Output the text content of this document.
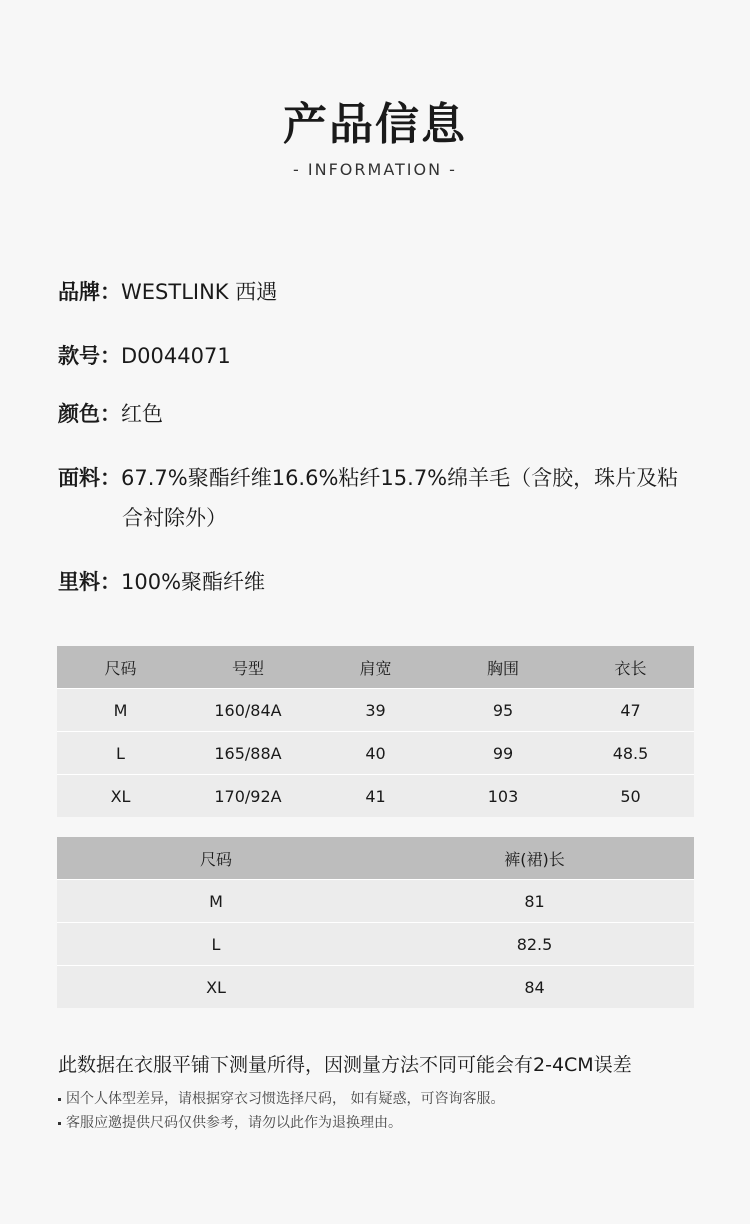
产品信息
- INFORMATION -
品牌：WESTLINK 西遇
款号：D0044071
颜色：红色
面料：67.7%聚酯纤维16.6%粘纤15.7%绵羊毛（含胶，珠片及粘
合衬除外）
里料：100%聚酯纤维
尺码	号型	肩宽	胸围	衣长
M	160/84A	39	95	47
L	165/88A	40	99	48.5
XL	170/92A	41	103	50
尺码	裤(裙)长
M	81
L	82.5
XL	84
此数据在衣服平铺下测量所得，因测量方法不同可能会有2-4CM误差
因个人体型差异，请根据穿衣习惯选择尺码， 如有疑惑，可咨询客服。
客服应邀提供尺码仅供参考，请勿以此作为退换理由。
